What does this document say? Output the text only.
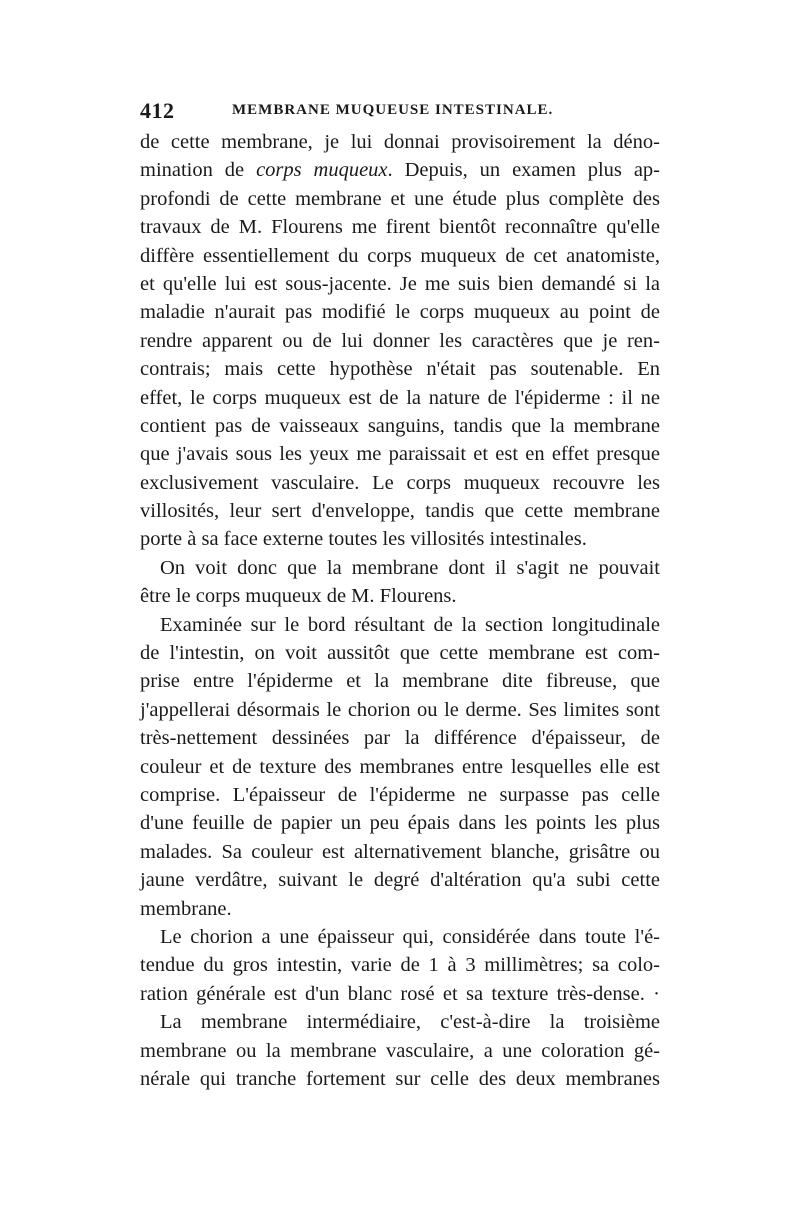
412	MEMBRANE MUQUEUSE INTESTINALE.
de cette membrane, je lui donnai provisoirement la déno-
mination de corps muqueux. Depuis, un examen plus ap-
profondi de cette membrane et une étude plus complète des
travaux de M. Flourens me firent bientôt reconnaître qu'elle
diffère essentiellement du corps muqueux de cet anatomiste,
et qu'elle lui est sous-jacente. Je me suis bien demandé si la
maladie n'aurait pas modifié le corps muqueux au point de
rendre apparent ou de lui donner les caractères que je ren-
contrais; mais cette hypothèse n'était pas soutenable. En
effet, le corps muqueux est de la nature de l'épiderme : il ne
contient pas de vaisseaux sanguins, tandis que la membrane
que j'avais sous les yeux me paraissait et est en effet presque
exclusivement vasculaire. Le corps muqueux recouvre les
villosités, leur sert d'enveloppe, tandis que cette membrane
porte à sa face externe toutes les villosités intestinales.
On voit donc que la membrane dont il s'agit ne pouvait
être le corps muqueux de M. Flourens.
Examinée sur le bord résultant de la section longitudinale
de l'intestin, on voit aussitôt que cette membrane est com-
prise entre l'épiderme et la membrane dite fibreuse, que
j'appellerai désormais le chorion ou le derme. Ses limites sont
très-nettement dessinées par la différence d'épaisseur, de
couleur et de texture des membranes entre lesquelles elle est
comprise. L'épaisseur de l'épiderme ne surpasse pas celle
d'une feuille de papier un peu épais dans les points les plus
malades. Sa couleur est alternativement blanche, grisâtre ou
jaune verdâtre, suivant le degré d'altération qu'a subi cette
membrane.
Le chorion a une épaisseur qui, considérée dans toute l'é-
tendue du gros intestin, varie de 1 à 3 millimètres; sa colo-
ration générale est d'un blanc rosé et sa texture très-dense. ·
La membrane intermédiaire, c'est-à-dire la troisième
membrane ou la membrane vasculaire, a une coloration gé-
nérale qui tranche fortement sur celle des deux membranes
